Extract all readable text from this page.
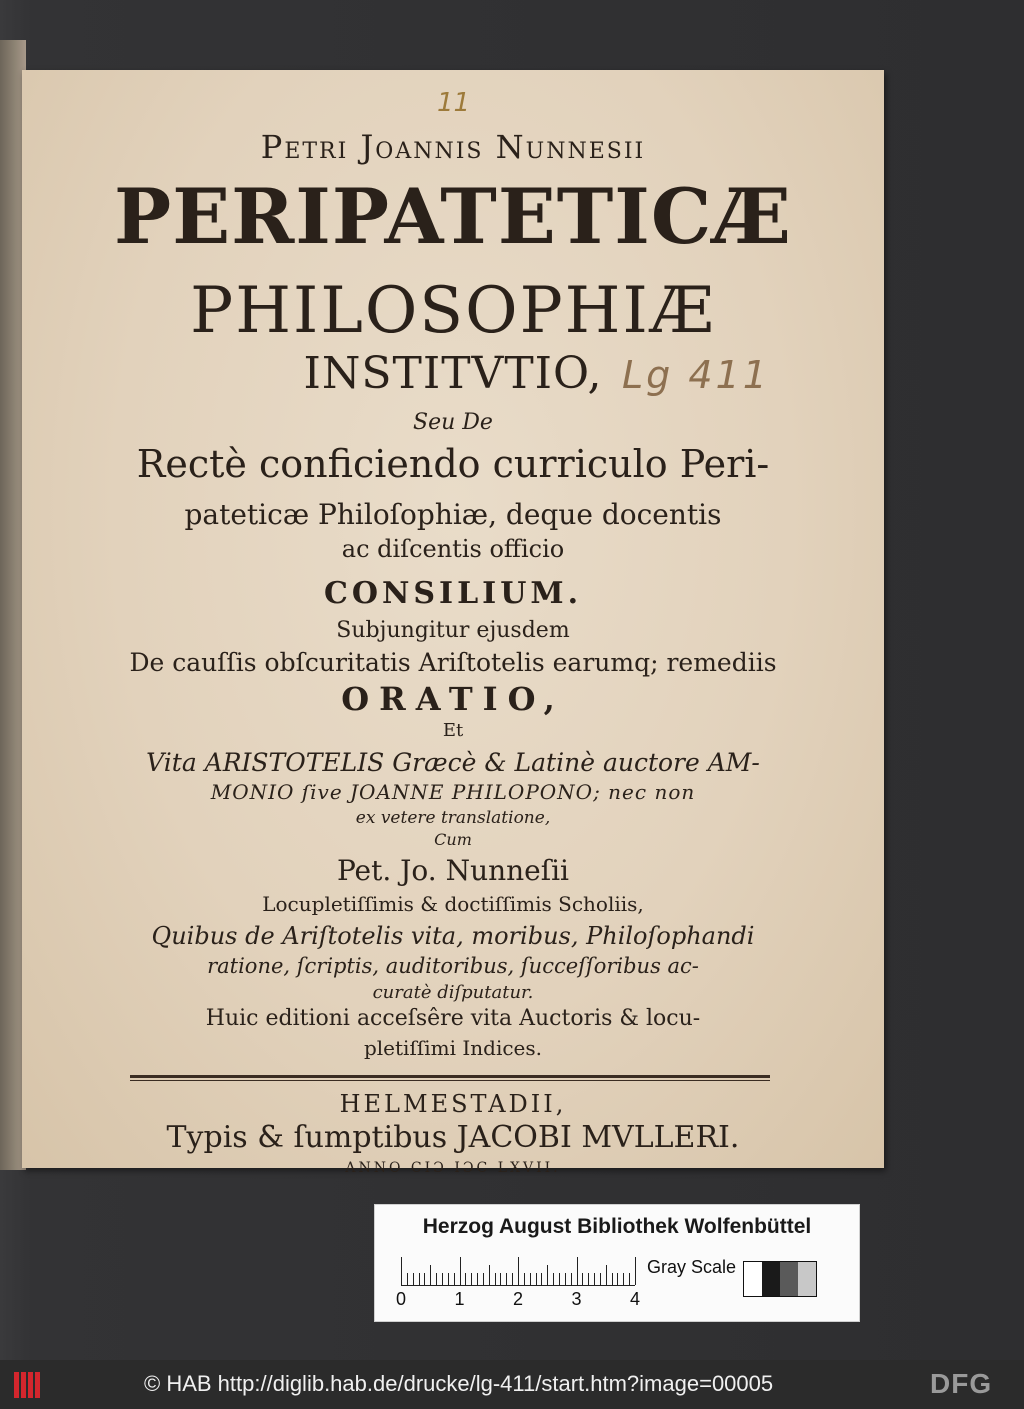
11
Petri Joannis Nunnesii
PERIPATETICÆ
PHILOSOPHIÆ
INSTITVTIO, Lg 411
Seu De
Rectè conficiendo curriculo Peri-
pateticæ Philoſophiæ, deque docentis
ac diſcentis officio
CONSILIUM.
Subjungitur ejusdem
De cauſſis obſcuritatis Ariſtotelis earumq; remediis
ORATIO,
Et
Vita ARISTOTELIS Græcè & Latinè auctore AM-
MONIO ſive JOANNE PHILOPONO; nec non
ex vetere translatione,
Cum
Pet. Jo. Nunneſii
Locupletiſſimis & doctiſſimis Scholiis,
Quibus de Ariſtotelis vita, moribus, Philoſophandi
ratione, ſcriptis, auditoribus, ſucceſſoribus ac-
curatè diſputatur.
Huic editioni acceſsêre vita Auctoris & locu-
pletiſſimi Indices.
HELMESTADII,
Typis & ſumptibus JACOBI MVLLERI.
ANNO CIƆ IƆC LXVII.
Herzog August Bibliothek Wolfenbüttel
0	1	2	3	4
Gray Scale
© HAB http://diglib.hab.de/drucke/lg-411/start.htm?image=00005	DFG
